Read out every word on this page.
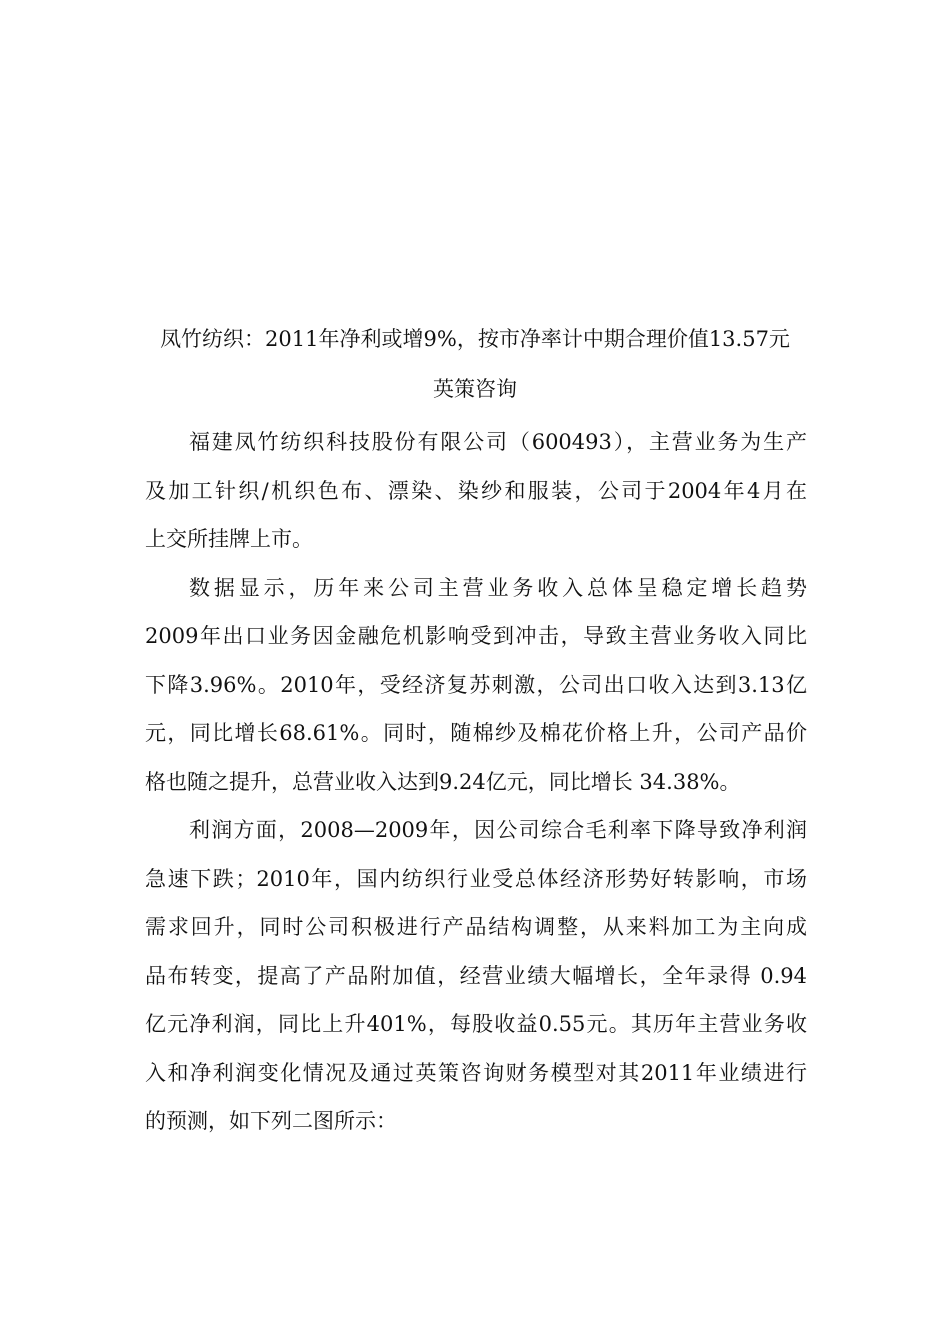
凤竹纺织：2011年净利或增9%，按市净率计中期合理价值13.57元
英策咨询

福建凤竹纺织科技股份有限公司（600493），主营业务为生产
及加工针织/机织色布、漂染、染纱和服装，公司于2004年4月在
上交所挂牌上市。

数据显示，历年来公司主营业务收入总体呈稳定增长趋势
2009年出口业务因金融危机影响受到冲击，导致主营业务收入同比
下降3.96%。2010年，受经济复苏刺激，公司出口收入达到3.13亿
元，同比增长68.61%。同时，随棉纱及棉花价格上升，公司产品价
格也随之提升，总营业收入达到9.24亿元，同比增长 34.38%。

利润方面，2008—2009年，因公司综合毛利率下降导致净利润
急速下跌；2010年，国内纺织行业受总体经济形势好转影响，市场
需求回升，同时公司积极进行产品结构调整，从来料加工为主向成
品布转变，提高了产品附加值，经营业绩大幅增长，全年录得 0.94
亿元净利润，同比上升401%，每股收益0.55元。其历年主营业务收
入和净利润变化情况及通过英策咨询财务模型对其2011年业绩进行
的预测，如下列二图所示：
